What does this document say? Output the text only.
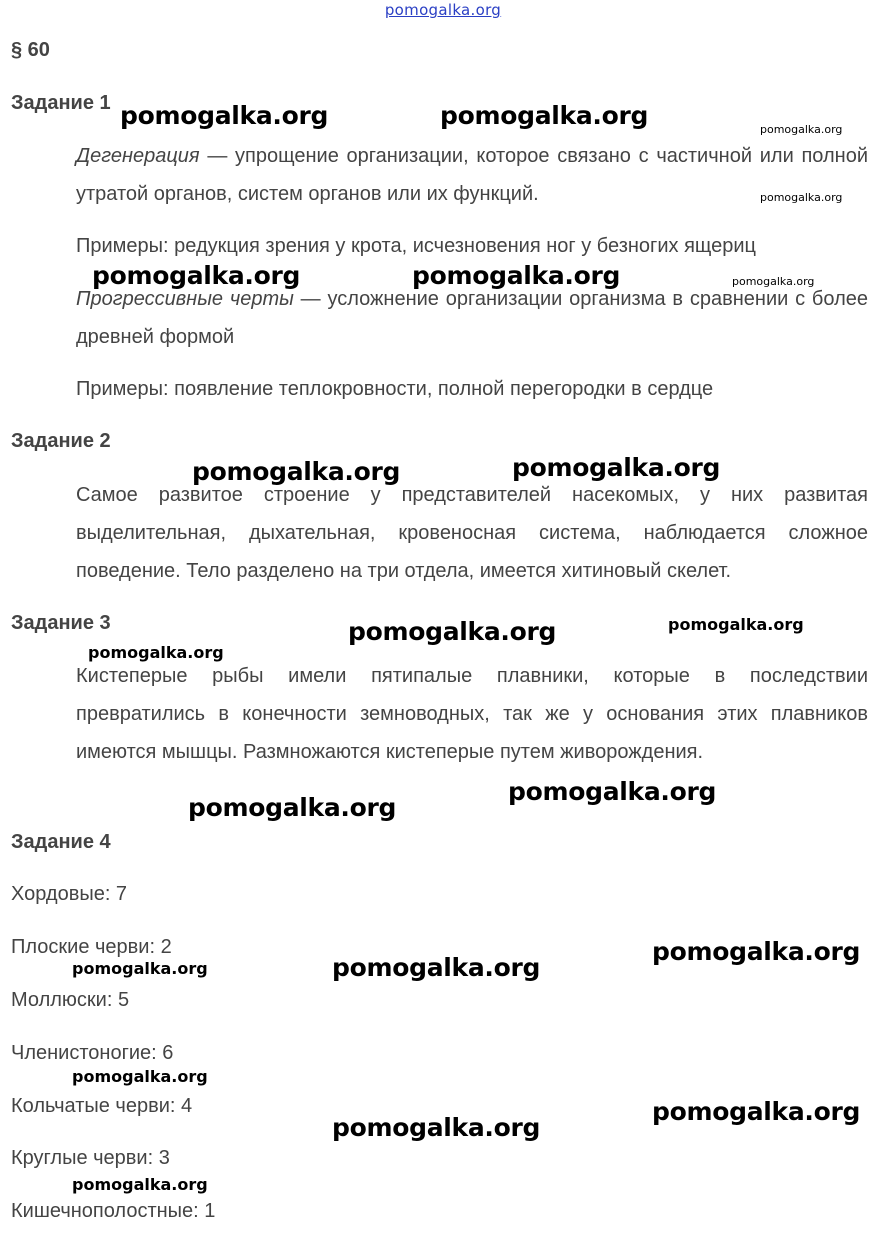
pomogalka.org
§ 60
Задание 1
Дегенерация — упрощение организации, которое связано с частичной или полной утратой органов, систем органов или их функций.
Примеры: редукция зрения у крота, исчезновения ног у безногих ящериц
Прогрессивные черты — усложнение организации организма в сравнении с более древней формой
Примеры: появление теплокровности, полной перегородки в сердце
Задание 2
Самое развитое строение у представителей насекомых, у них развитая выделительная, дыхательная, кровеносная система, наблюдается сложное поведение. Тело разделено на три отдела, имеется хитиновый скелет.
Задание 3
Кистеперые рыбы имели пятипалые плавники, которые в последствии превратились в конечности земноводных, так же у основания этих плавников имеются мышцы. Размножаются кистеперые путем живорождения.
Задание 4
Хордовые: 7
Плоские черви: 2
Моллюски: 5
Членистоногие: 6
Кольчатые черви: 4
Круглые черви: 3
Кишечнополостные: 1
pomogalka.org	pomogalka.org	pomogalka.org
pomogalka.org
pomogalka.org	pomogalka.org	pomogalka.org
pomogalka.org	pomogalka.org
pomogalka.org	pomogalka.org
pomogalka.org
pomogalka.org
pomogalka.org
pomogalka.org
pomogalka.org	pomogalka.org
pomogalka.org
pomogalka.org
pomogalka.org
pomogalka.org
